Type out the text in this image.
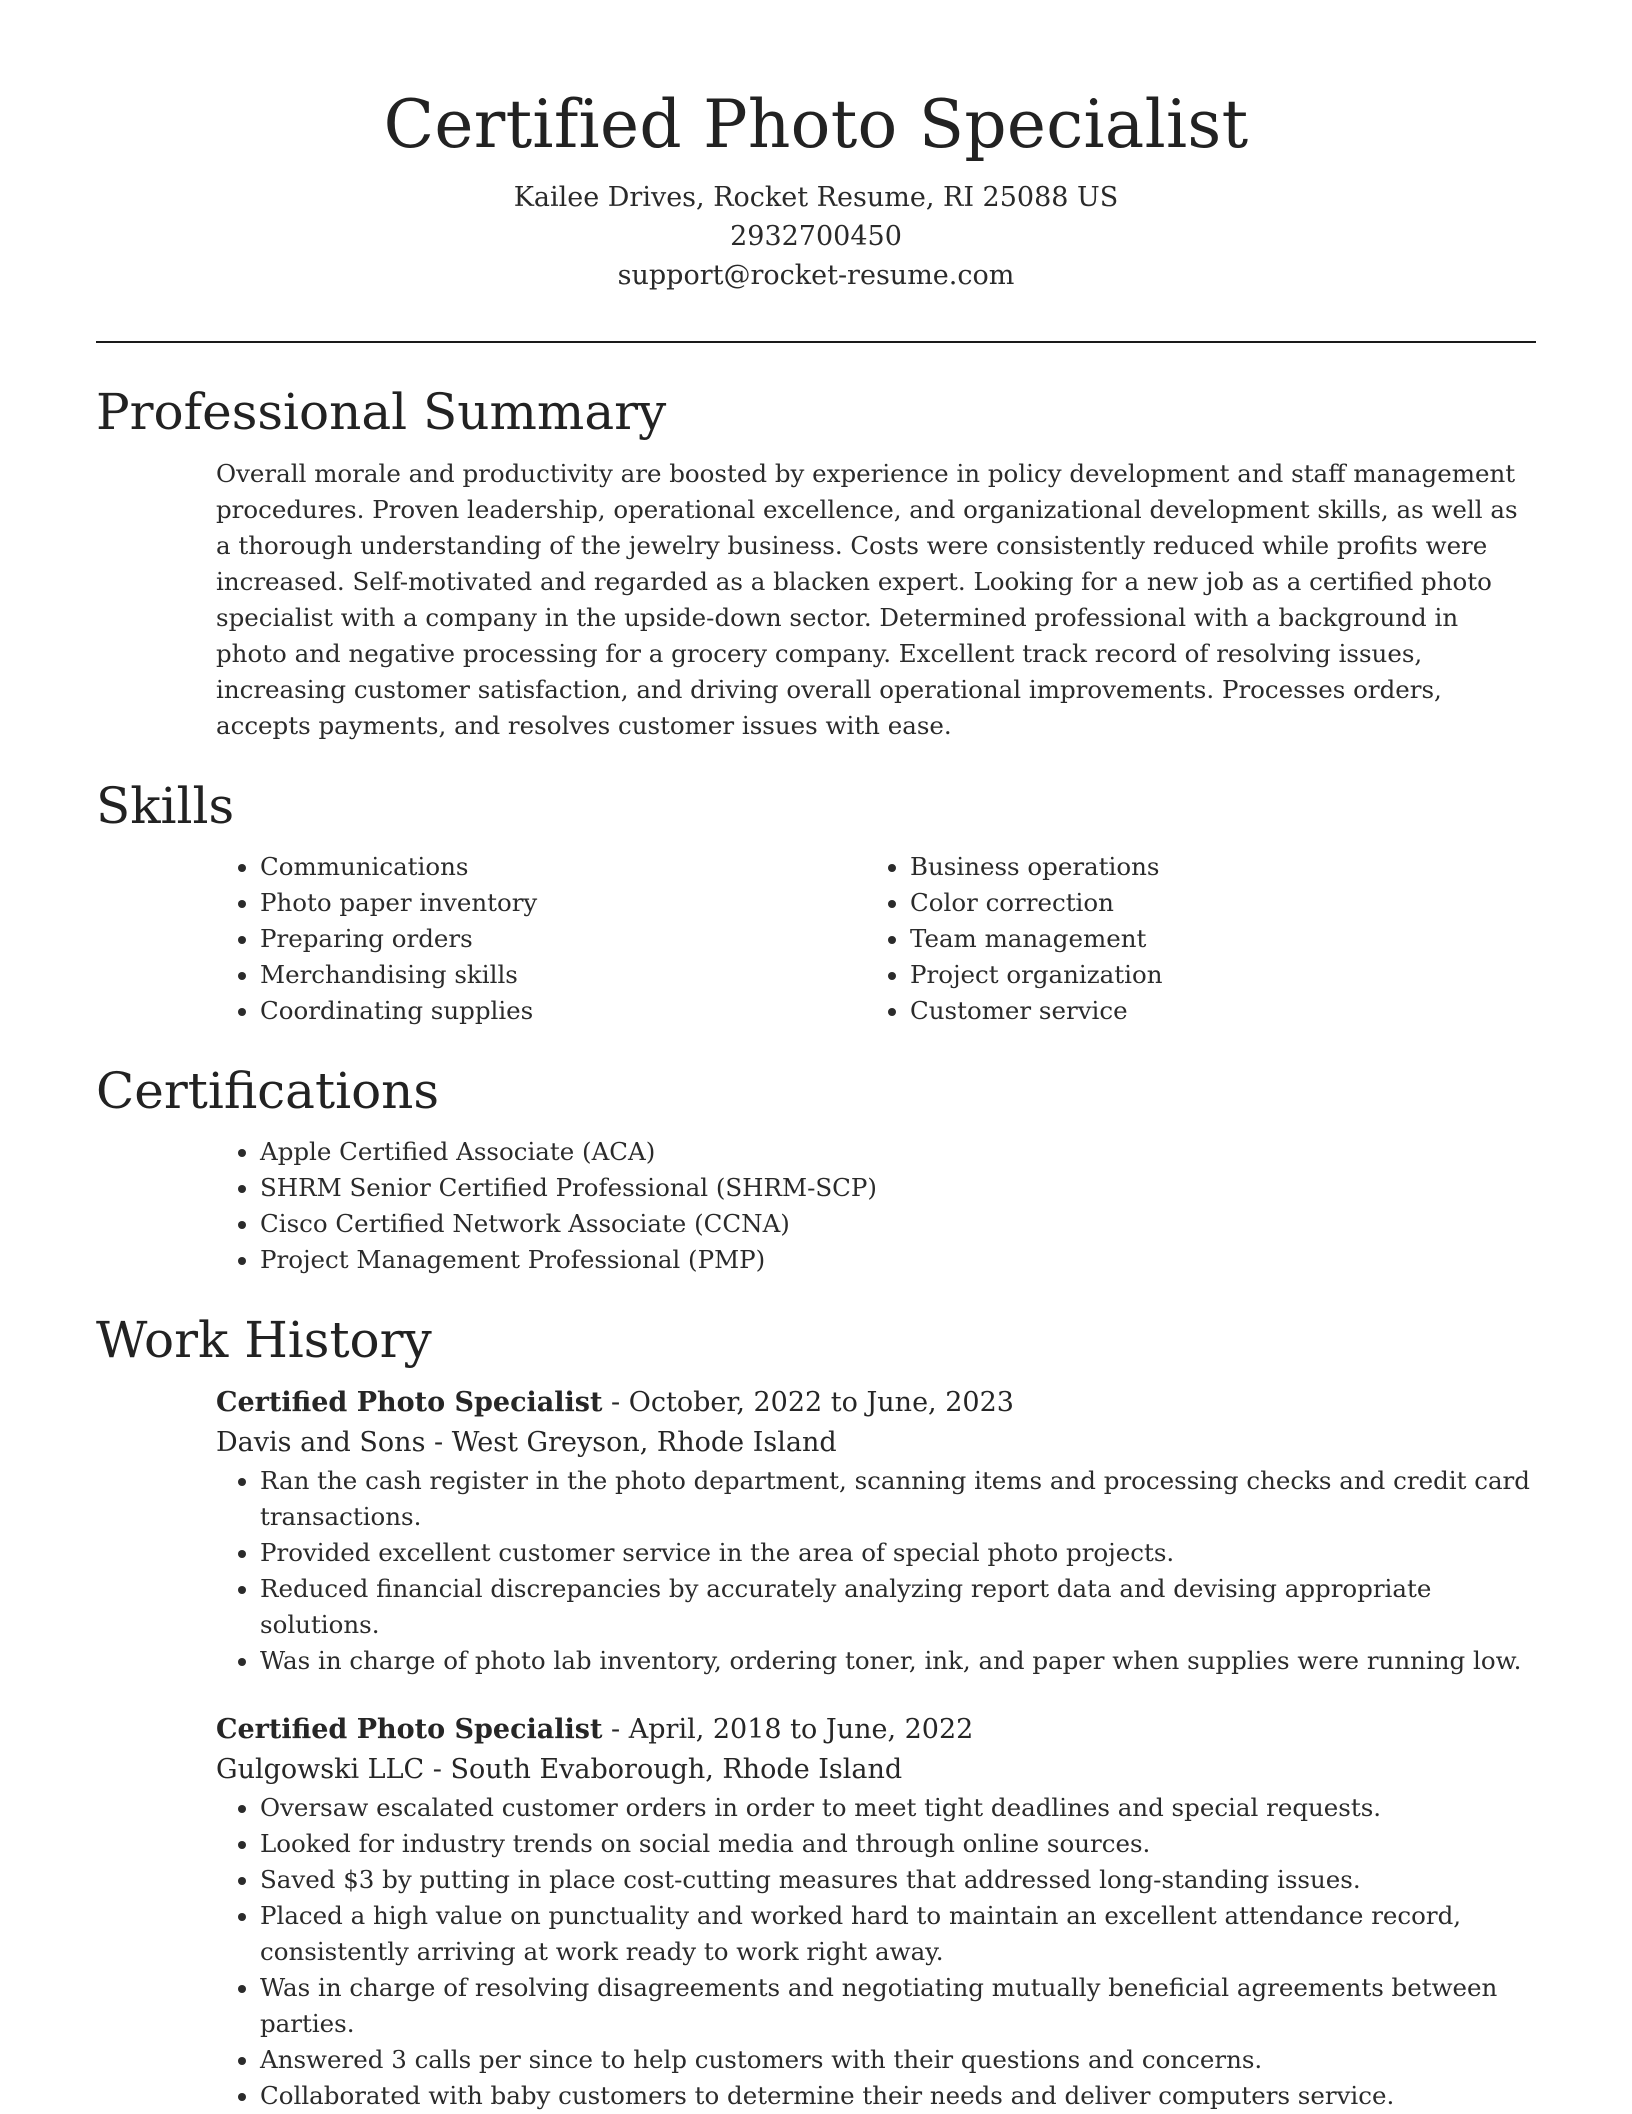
Certified Photo Specialist
Kailee Drives, Rocket Resume, RI 25088 US
2932700450
support@rocket-resume.com
Professional Summary

Overall morale and productivity are boosted by experience in policy development and staff management procedures. Proven leadership, operational excellence, and organizational development skills, as well as a thorough understanding of the jewelry business. Costs were consistently reduced while profits were increased. Self-motivated and regarded as a blacken expert. Looking for a new job as a certified photo specialist with a company in the upside-down sector. Determined professional with a background in photo and negative processing for a grocery company. Excellent track record of resolving issues, increasing customer satisfaction, and driving overall operational improvements. Processes orders, accepts payments, and resolves customer issues with ease.

Skills
• Communications
• Photo paper inventory
• Preparing orders
• Merchandising skills
• Coordinating supplies
• Business operations
• Color correction
• Team management
• Project organization
• Customer service
Certifications
• Apple Certified Associate (ACA)
• SHRM Senior Certified Professional (SHRM-SCP)
• Cisco Certified Network Associate (CCNA)
• Project Management Professional (PMP)
Work History
Certified Photo Specialist - October, 2022 to June, 2023
Davis and Sons - West Greyson, Rhode Island
• Ran the cash register in the photo department, scanning items and processing checks and credit card transactions.
• Provided excellent customer service in the area of special photo projects.
• Reduced financial discrepancies by accurately analyzing report data and devising appropriate solutions.
• Was in charge of photo lab inventory, ordering toner, ink, and paper when supplies were running low.
Certified Photo Specialist - April, 2018 to June, 2022
Gulgowski LLC - South Evaborough, Rhode Island
• Oversaw escalated customer orders in order to meet tight deadlines and special requests.
• Looked for industry trends on social media and through online sources.
• Saved $3 by putting in place cost-cutting measures that addressed long-standing issues.
• Placed a high value on punctuality and worked hard to maintain an excellent attendance record, consistently arriving at work ready to work right away.
• Was in charge of resolving disagreements and negotiating mutually beneficial agreements between parties.
• Answered 3 calls per since to help customers with their questions and concerns.
• Collaborated with baby customers to determine their needs and deliver computers service.
